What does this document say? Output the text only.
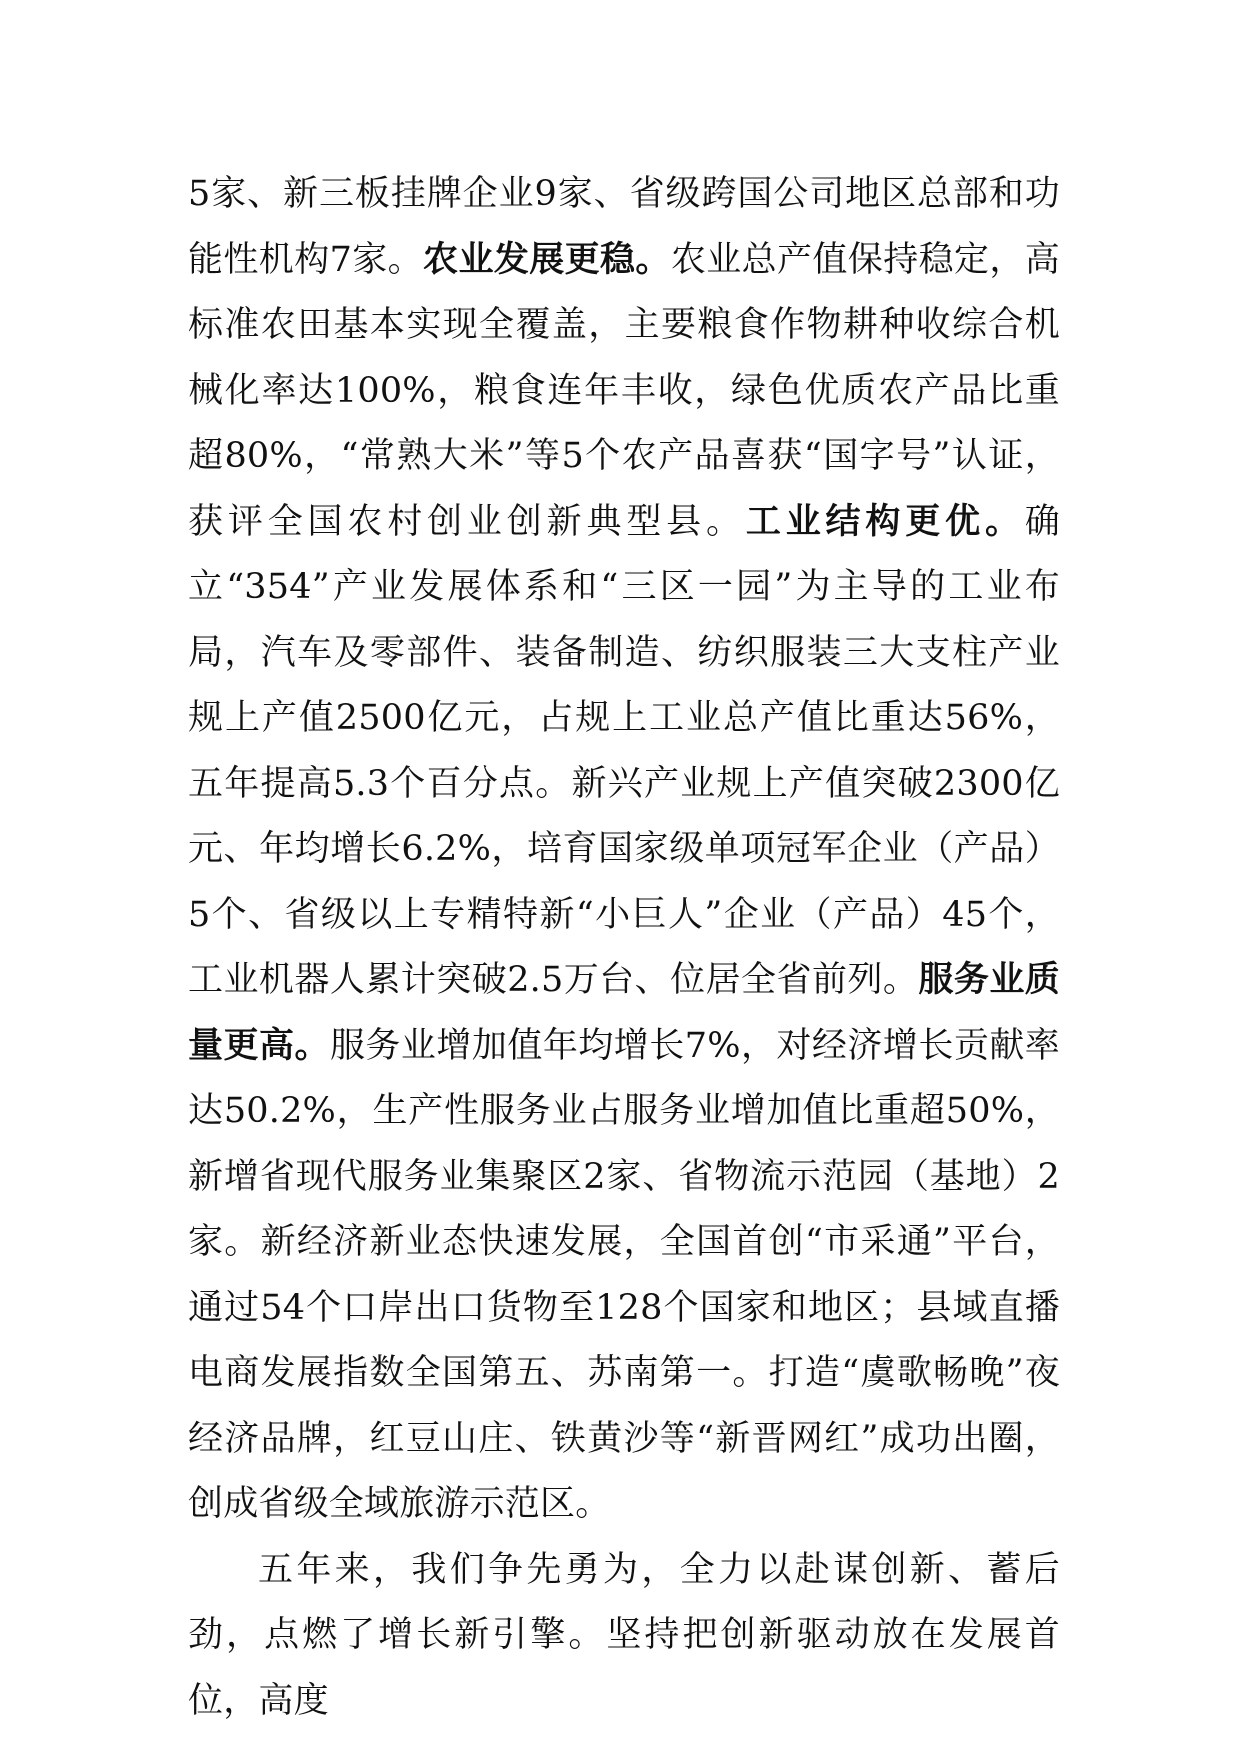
5家、新三板挂牌企业9家、省级跨国公司地区总部和功能性机构7家。农业发展更稳。农业总产值保持稳定，高标准农田基本实现全覆盖，主要粮食作物耕种收综合机械化率达100%，粮食连年丰收，绿色优质农产品比重超80%，“常熟大米”等5个农产品喜获“国字号”认证，获评全国农村创业创新典型县。工业结构更优。确立“354”产业发展体系和“三区一园”为主导的工业布局，汽车及零部件、装备制造、纺织服装三大支柱产业规上产值2500亿元，占规上工业总产值比重达56%，五年提高5.3个百分点。新兴产业规上产值突破2300亿元、年均增长6.2%，培育国家级单项冠军企业（产品）5个、省级以上专精特新“小巨人”企业（产品）45个，工业机器人累计突破2.5万台、位居全省前列。服务业质量更高。服务业增加值年均增长7%，对经济增长贡献率达50.2%，生产性服务业占服务业增加值比重超50%，新增省现代服务业集聚区2家、省物流示范园（基地）2家。新经济新业态快速发展，全国首创“市采通”平台，通过54个口岸出口货物至128个国家和地区；县域直播电商发展指数全国第五、苏南第一。打造“虞歌畅晚”夜经济品牌，红豆山庄、铁黄沙等“新晋网红”成功出圈，创成省级全域旅游示范区。

五年来，我们争先勇为，全力以赴谋创新、蓄后劲，点燃了增长新引擎。坚持把创新驱动放在发展首位，高度
